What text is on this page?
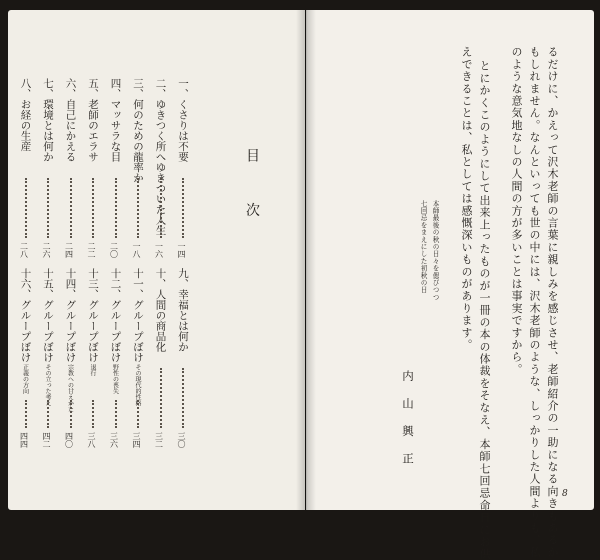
目 次
一、くさりは不要
一四
二、ゆきつく所へゆきついた人生
一六
三、何のための龍率か
一八
四、マッサラな目
二〇
五、老師のエラサ
二二
六、自己にかえる
二四
七、環境とは何か
二六
八、お経の生産
二八
九、幸福とは何か
三〇
十、人間の商品化
三二
十一、グループぼけ
その現代的性格
三四
十二、グループぼけ
野性の喪失
三六
十三、グループぼけ
退行
三八
十四、グループぼけ
宗教への甘えかた
四〇
十五、グループぼけ
その立った考え
四二
十六、グループぼけ
正義の方向
四四	るだけに、かえって沢木老師の言葉に親しみを感じさせ、老師紹介の一助になる向きもあるか
もしれません。なんといっても世の中には、沢木老師のような、しっかりした人間よりも、私
のような意気地なしの人間の方が多いことは事実ですから。
とにかくこのようにして出来上ったものが一冊の本の体裁をそなえ、本師七回忌命日にお供
えできることは、私としては感慨深いものがあります。
本師最後の秋の日々を偲びつつ
七回忌をまえにした初秋の日
内山興正
8
